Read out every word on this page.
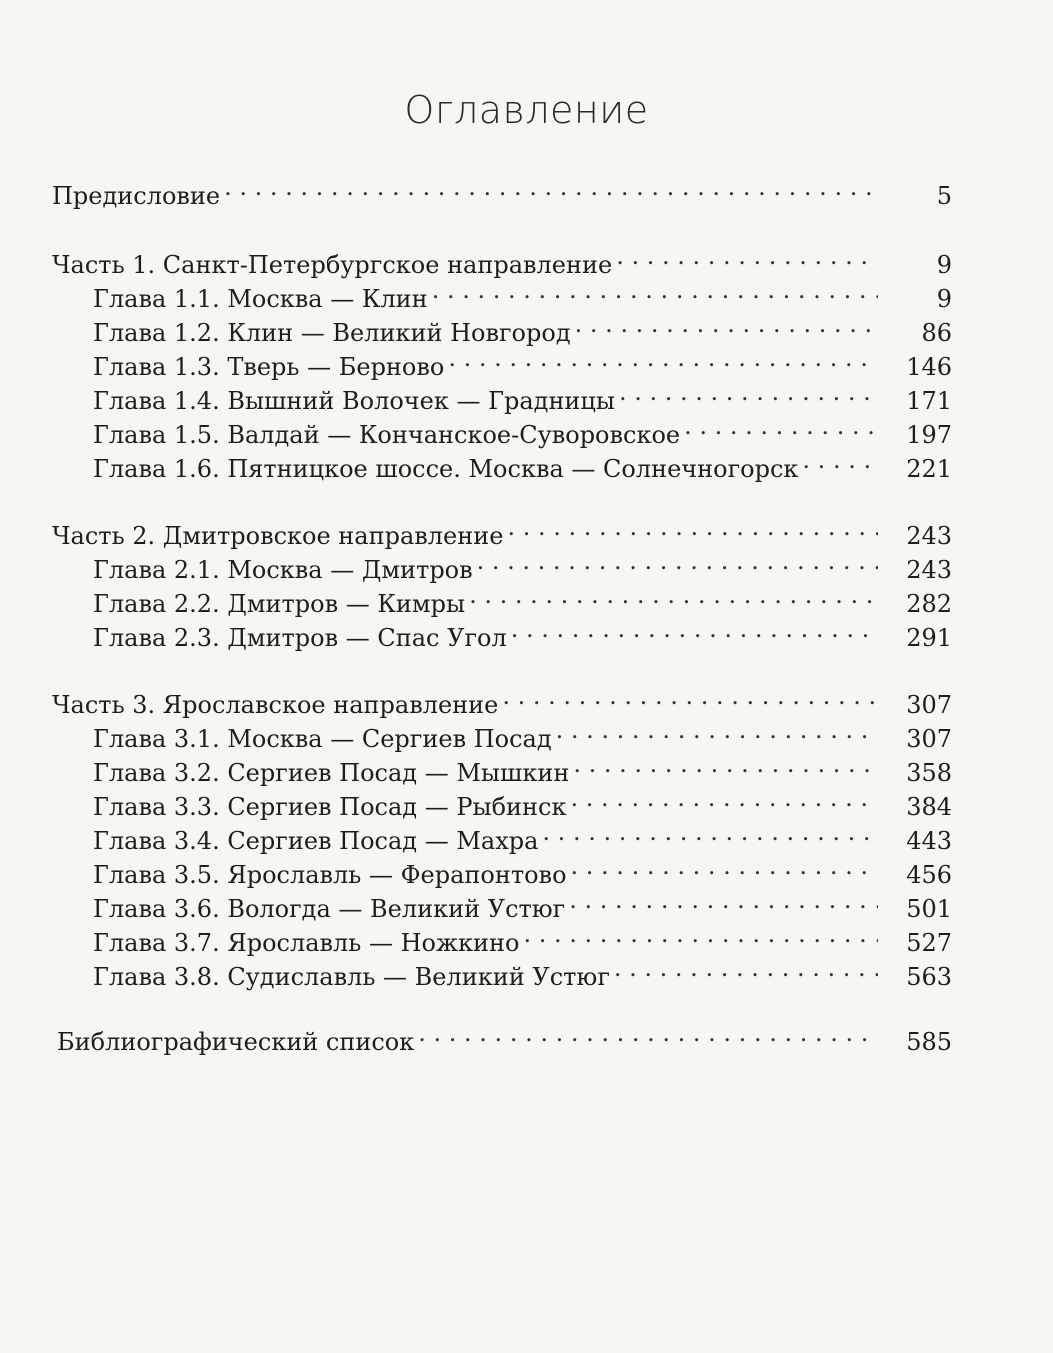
Оглавление
Предисловие . . .	5
Часть 1. Санкт-Петербургское направление . . .	9
Глава 1.1. Москва — Клин . . .	9
Глава 1.2. Клин — Великий Новгород . . .	86
Глава 1.3. Тверь — Берново . . .	146
Глава 1.4. Вышний Волочек — Градницы . . .	171
Глава 1.5. Валдай — Кончанское-Суворовское . . .	197
Глава 1.6. Пятницкое шоссе. Москва — Солнечногорск . . .	221
Часть 2. Дмитровское направление . . .	243
Глава 2.1. Москва — Дмитров . . .	243
Глава 2.2. Дмитров — Кимры . . .	282
Глава 2.3. Дмитров — Спас Угол . . .	291
Часть 3. Ярославское направление . . .	307
Глава 3.1. Москва — Сергиев Посад . . .	307
Глава 3.2. Сергиев Посад — Мышкин . . .	358
Глава 3.3. Сергиев Посад — Рыбинск . . .	384
Глава 3.4. Сергиев Посад — Махра . . .	443
Глава 3.5. Ярославль — Ферапонтово . . .	456
Глава 3.6. Вологда — Великий Устюг . . .	501
Глава 3.7. Ярославль — Ножкино . . .	527
Глава 3.8. Судиславль — Великий Устюг . . .	563
Библиографический список . . .	585
